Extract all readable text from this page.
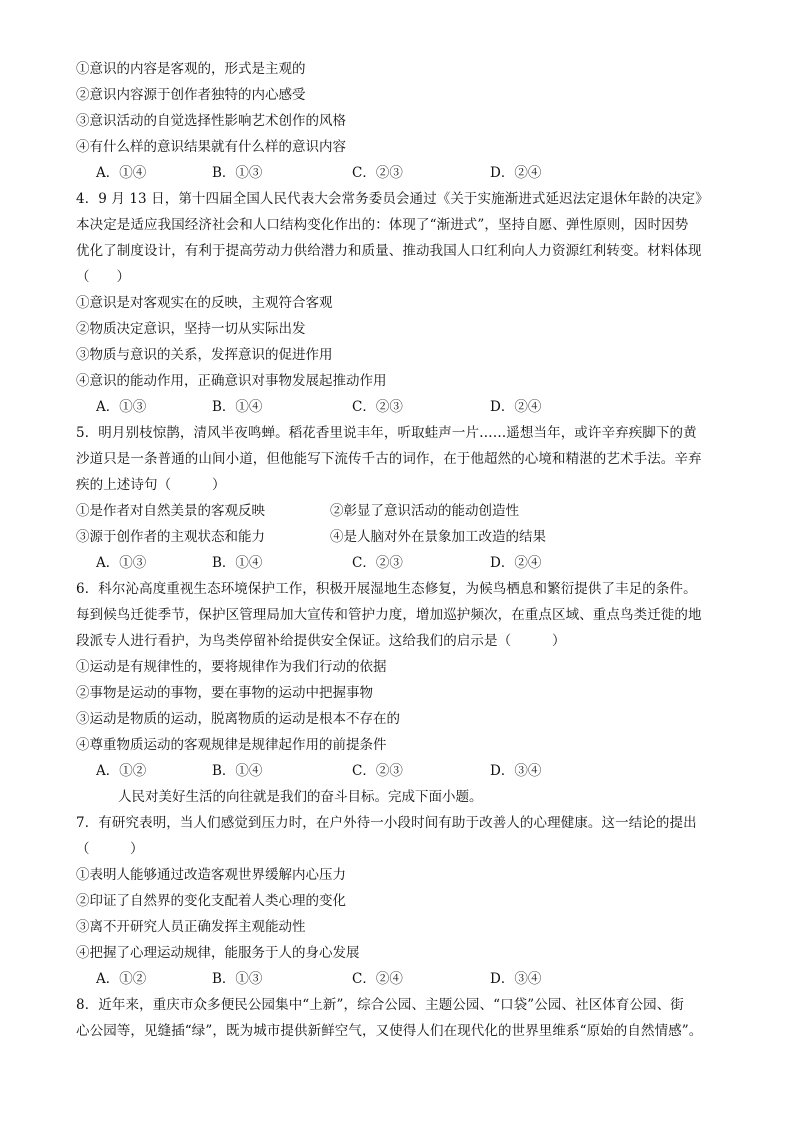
①意识的内容是客观的，形式是主观的
②意识内容源于创作者独特的内心感受
③意识活动的自觉选择性影响艺术创作的风格
④有什么样的意识结果就有什么样的意识内容
A．①④	B．①③	C．②③	D．②④
4．9 月 13 日，第十四届全国人民代表大会常务委员会通过《关于实施渐进式延迟法定退休年龄的决定》
本决定是适应我国经济社会和人口结构变化作出的：体现了“渐进式”，坚持自愿、弹性原则，因时因势
优化了制度设计，有利于提高劳动力供给潜力和质量、推动我国人口红利向人力资源红利转变。材料体现
（　　）
①意识是对客观实在的反映，主观符合客观
②物质决定意识，坚持一切从实际出发
③物质与意识的关系，发挥意识的促进作用
④意识的能动作用，正确意识对事物发展起推动作用
A．①③	B．①④	C．②③	D．②④
5．明月别枝惊鹊，清风半夜鸣蝉。稻花香里说丰年，听取蛙声一片……遥想当年，或许辛弃疾脚下的黄
沙道只是一条普通的山间小道，但他能写下流传千古的词作，在于他超然的心境和精湛的艺术手法。辛弃
疾的上述诗句（　　　）
①是作者对自然美景的客观反映	②彰显了意识活动的能动创造性
③源于创作者的主观状态和能力	④是人脑对外在景象加工改造的结果
A．①③	B．①④	C．②③	D．②④
6．科尔沁高度重视生态环境保护工作，积极开展湿地生态修复，为候鸟栖息和繁衍提供了丰足的条件。
每到候鸟迁徙季节，保护区管理局加大宣传和管护力度，增加巡护频次，在重点区域、重点鸟类迁徙的地
段派专人进行看护，为鸟类停留补给提供安全保证。这给我们的启示是（　　　）
①运动是有规律性的，要将规律作为我们行动的依据
②事物是运动的事物，要在事物的运动中把握事物
③运动是物质的运动，脱离物质的运动是根本不存在的
④尊重物质运动的客观规律是规律起作用的前提条件
A．①②	B．①④	C．②③	D．③④
人民对美好生活的向往就是我们的奋斗目标。完成下面小题。
7．有研究表明，当人们感觉到压力时，在户外待一小段时间有助于改善人的心理健康。这一结论的提出
（　　　）
①表明人能够通过改造客观世界缓解内心压力
②印证了自然界的变化支配着人类心理的变化
③离不开研究人员正确发挥主观能动性
④把握了心理运动规律，能服务于人的身心发展
A．①②	B．①③	C．②④	D．③④
8．近年来，重庆市众多便民公园集中“上新”，综合公园、主题公园、“口袋”公园、社区体育公园、街
心公园等，见缝插“绿”，既为城市提供新鲜空气，又使得人们在现代化的世界里维系“原始的自然情感”。
